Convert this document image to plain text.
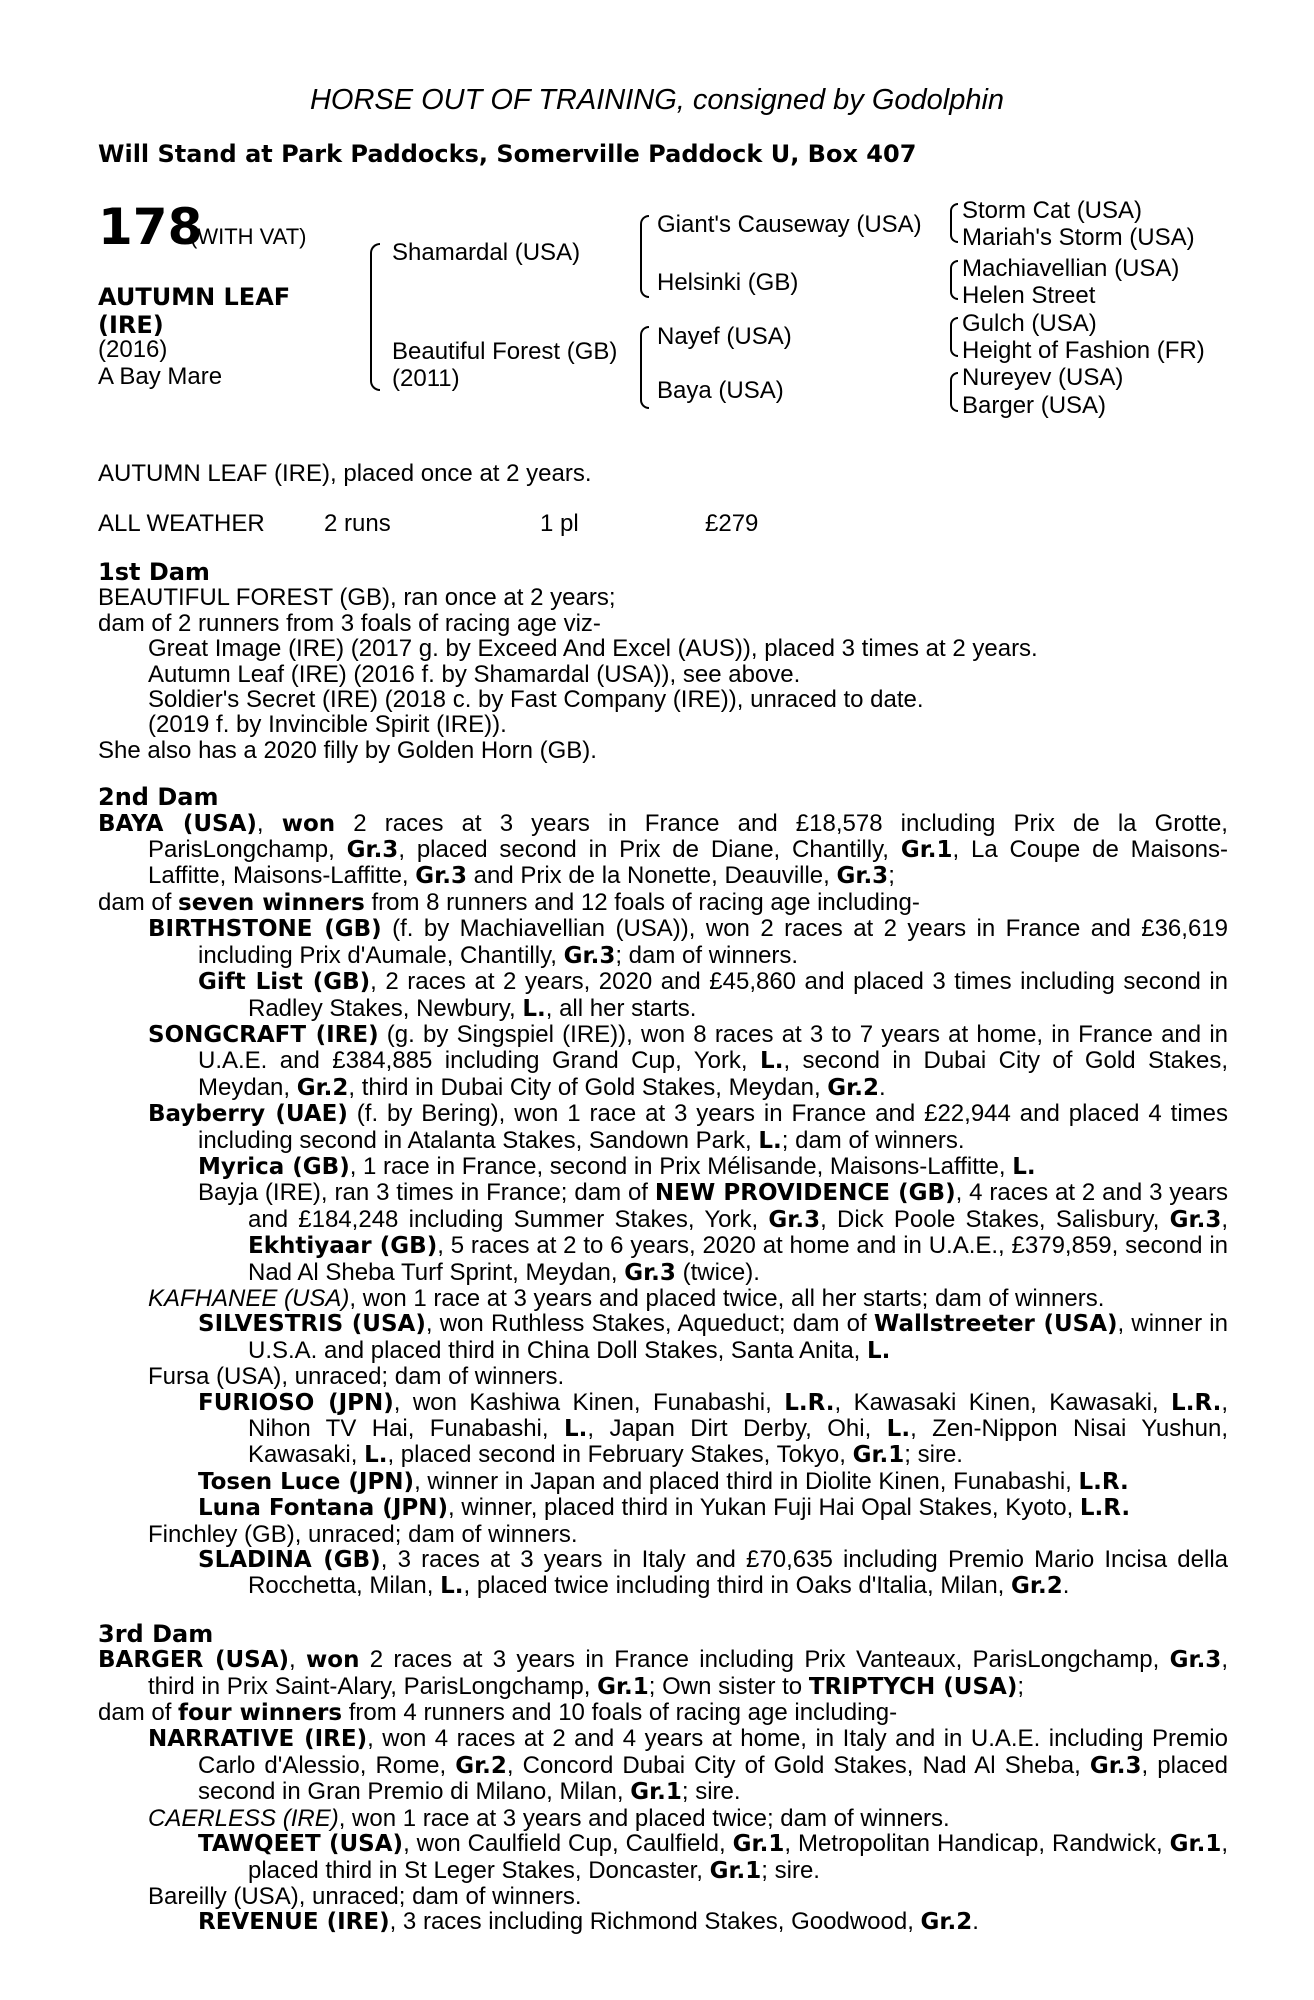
HORSE OUT OF TRAINING, consigned by Godolphin
Will Stand at Park Paddocks, Somerville Paddock U, Box 407
178
(WITH VAT)
AUTUMN LEAF
(IRE)
(2016)
A Bay Mare
Shamardal (USA)
Beautiful Forest (GB)
(2011)
Giant's Causeway (USA)
Helsinki (GB)
Nayef (USA)
Baya (USA)
Storm Cat (USA)
Mariah's Storm (USA)
Machiavellian (USA)
Helen Street
Gulch (USA)
Height of Fashion (FR)
Nureyev (USA)
Barger (USA)
AUTUMN LEAF (IRE), placed once at 2 years.
ALL WEATHER 2 runs	1 pl	£279

1st Dam

BEAUTIFUL FOREST (GB), ran once at 2 years;

dam of 2 runners from 3 foals of racing age viz-

Great Image (IRE) (2017 g. by Exceed And Excel (AUS)), placed 3 times at 2 years.

Autumn Leaf (IRE) (2016 f. by Shamardal (USA)), see above.

Soldier's Secret (IRE) (2018 c. by Fast Company (IRE)), unraced to date.

(2019 f. by Invincible Spirit (IRE)).

She also has a 2020 filly by Golden Horn (GB).

2nd Dam

BAYA (USA), won 2 races at 3 years in France and £18,578 including Prix de la Grotte, ParisLongchamp, Gr.3, placed second in Prix de Diane, Chantilly, Gr.1, La Coupe de Maisons-Laffitte, Maisons-Laffitte, Gr.3 and Prix de la Nonette, Deauville, Gr.3;

dam of seven winners from 8 runners and 12 foals of racing age including-

BIRTHSTONE (GB) (f. by Machiavellian (USA)), won 2 races at 2 years in France and £36,619 including Prix d'Aumale, Chantilly, Gr.3; dam of winners.

Gift List (GB), 2 races at 2 years, 2020 and £45,860 and placed 3 times including second in Radley Stakes, Newbury, L., all her starts.

SONGCRAFT (IRE) (g. by Singspiel (IRE)), won 8 races at 3 to 7 years at home, in France and in U.A.E. and £384,885 including Grand Cup, York, L., second in Dubai City of Gold Stakes, Meydan, Gr.2, third in Dubai City of Gold Stakes, Meydan, Gr.2.

Bayberry (UAE) (f. by Bering), won 1 race at 3 years in France and £22,944 and placed 4 times including second in Atalanta Stakes, Sandown Park, L.; dam of winners.

Myrica (GB), 1 race in France, second in Prix Mélisande, Maisons-Laffitte, L.

Bayja (IRE), ran 3 times in France; dam of NEW PROVIDENCE (GB), 4 races at 2 and 3 years and £184,248 including Summer Stakes, York, Gr.3, Dick Poole Stakes, Salisbury, Gr.3, Ekhtiyaar (GB), 5 races at 2 to 6 years, 2020 at home and in U.A.E., £379,859, second in Nad Al Sheba Turf Sprint, Meydan, Gr.3 (twice).

KAFHANEE (USA), won 1 race at 3 years and placed twice, all her starts; dam of winners.

SILVESTRIS (USA), won Ruthless Stakes, Aqueduct; dam of Wallstreeter (USA), winner in U.S.A. and placed third in China Doll Stakes, Santa Anita, L.

Fursa (USA), unraced; dam of winners.

FURIOSO (JPN), won Kashiwa Kinen, Funabashi, L.R., Kawasaki Kinen, Kawasaki, L.R., Nihon TV Hai, Funabashi, L., Japan Dirt Derby, Ohi, L., Zen-Nippon Nisai Yushun, Kawasaki, L., placed second in February Stakes, Tokyo, Gr.1; sire.

Tosen Luce (JPN), winner in Japan and placed third in Diolite Kinen, Funabashi, L.R.

Luna Fontana (JPN), winner, placed third in Yukan Fuji Hai Opal Stakes, Kyoto, L.R.

Finchley (GB), unraced; dam of winners.

SLADINA (GB), 3 races at 3 years in Italy and £70,635 including Premio Mario Incisa della Rocchetta, Milan, L., placed twice including third in Oaks d'Italia, Milan, Gr.2.

3rd Dam

BARGER (USA), won 2 races at 3 years in France including Prix Vanteaux, ParisLongchamp, Gr.3, third in Prix Saint-Alary, ParisLongchamp, Gr.1; Own sister to TRIPTYCH (USA);

dam of four winners from 4 runners and 10 foals of racing age including-

NARRATIVE (IRE), won 4 races at 2 and 4 years at home, in Italy and in U.A.E. including Premio Carlo d'Alessio, Rome, Gr.2, Concord Dubai City of Gold Stakes, Nad Al Sheba, Gr.3, placed second in Gran Premio di Milano, Milan, Gr.1; sire.

CAERLESS (IRE), won 1 race at 3 years and placed twice; dam of winners.

TAWQEET (USA), won Caulfield Cup, Caulfield, Gr.1, Metropolitan Handicap, Randwick, Gr.1, placed third in St Leger Stakes, Doncaster, Gr.1; sire.

Bareilly (USA), unraced; dam of winners.

REVENUE (IRE), 3 races including Richmond Stakes, Goodwood, Gr.2.
